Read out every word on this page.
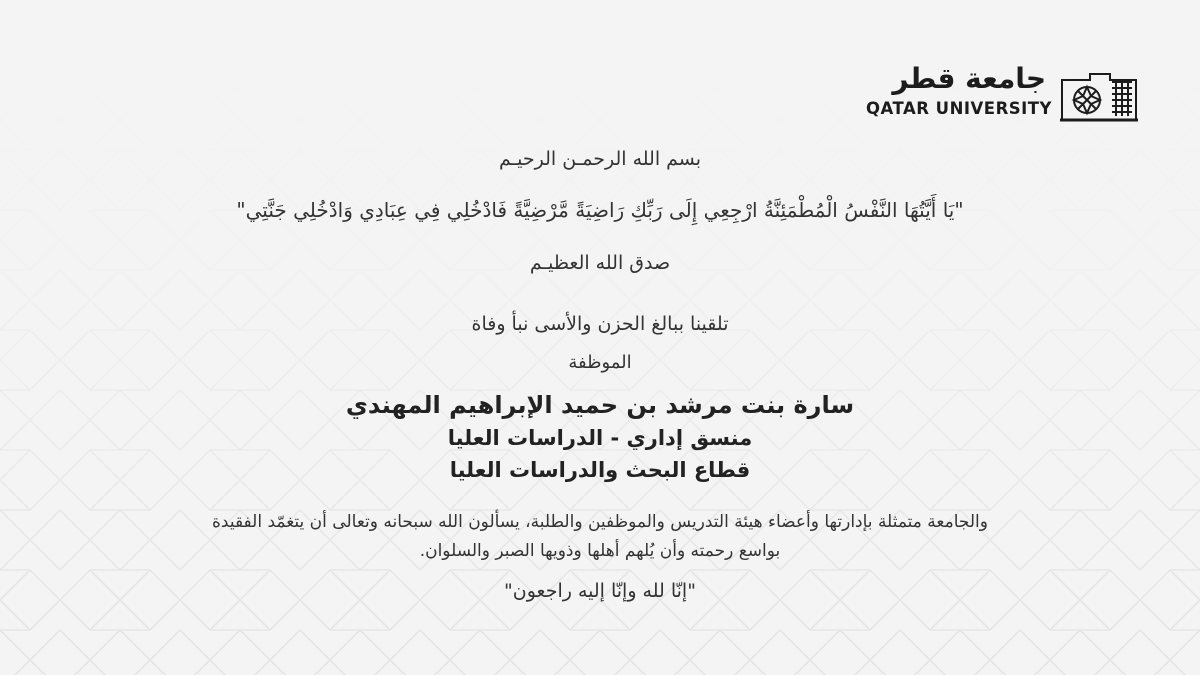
جامعة قطر
QATAR UNIVERSITY
بسم الله الرحمـن الرحيـم
"يَا أَيَّتُهَا النَّفْسُ الْمُطْمَئِنَّةُ ارْجِعِي إِلَى رَبِّكِ رَاضِيَةً مَّرْضِيَّةً فَادْخُلِي فِي عِبَادِي وَادْخُلِي جَنَّتِي"
صدق الله العظيـم
تلقينا ببالغ الحزن والأسى نبأ وفاة
الموظفة
سارة بنت مرشد بن حميد الإبراهيم المهندي
منسق إداري - الدراسات العليا
قطاع البحث والدراسات العليا
والجامعة متمثلة بإدارتها وأعضاء هيئة التدريس والموظفين والطلبة، يسألون الله سبحانه وتعالى أن يتغمّد الفقيدة
بواسع رحمته وأن يُلهم أهلها وذويها الصبر والسلوان.
"إنّا لله وإنّا إليه راجعون"
